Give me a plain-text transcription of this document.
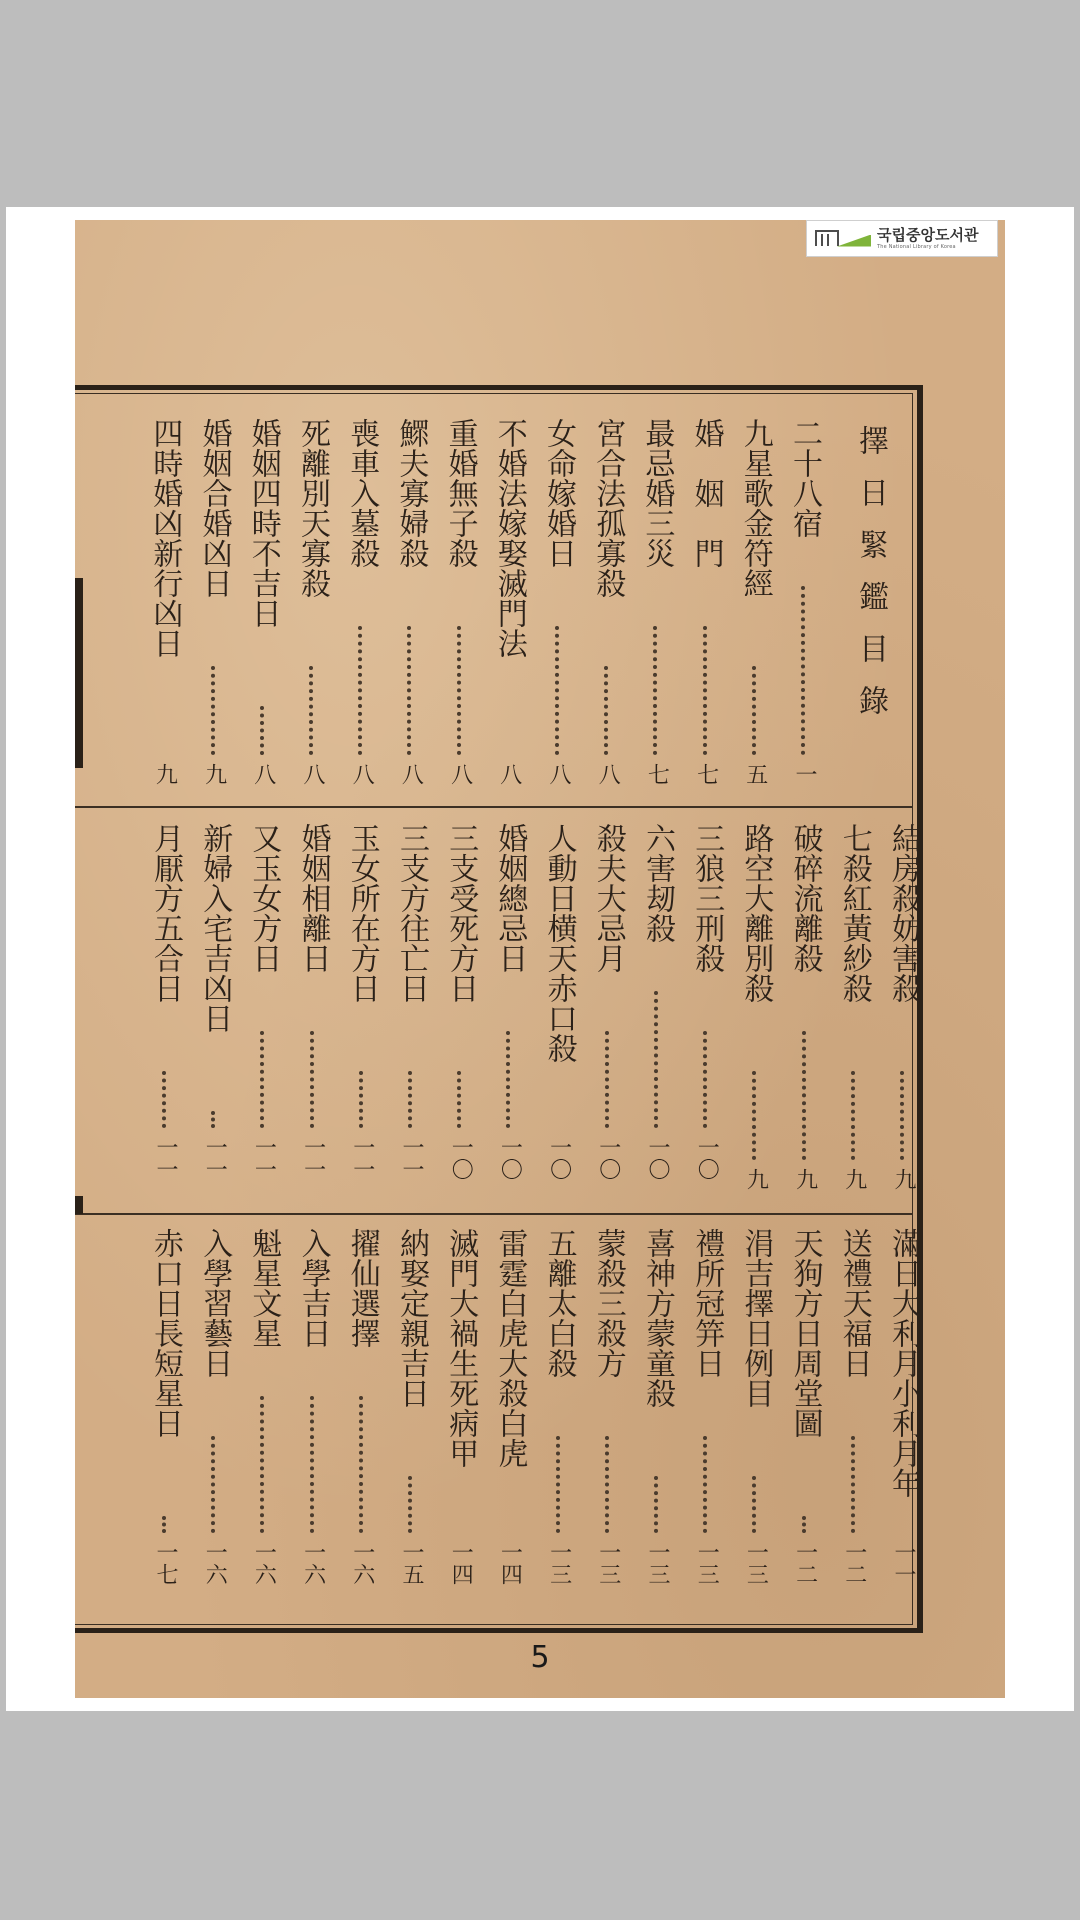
국립중앙도서관
The National Library of Korea
擇日緊鑑目錄
二十八宿
一
九星歌金符經
五
婚　姻　門
七
最忌婚三災
七
宮合法孤寡殺
八
女命嫁婚日
八
不婚法嫁娶滅門法
八
重婚無子殺
八
鰥夫寡婦殺
八
喪車入墓殺
八
死離別天寡殺
八
婚姻四時不吉日
八
婚姻合婚凶日
九
四時婚凶新行凶日
九
結房殺妨害殺
九
七殺紅黃紗殺
九
破碎流離殺
九
路空大離別殺
九
三狼三刑殺
一〇
六害刼殺
一〇
殺夫大忌月
一〇
人動日横天赤口殺
一〇
婚姻總忌日
一〇
三支受死方日
一〇
三支方往亡日
一一
玉女所在方日
一一
婚姻相離日
一一
又玉女方日
一一
新婦入宅吉凶日
一一
月厭方五合日
一一
滿日大利月小利月年
一一
送禮天福日
一二
天狗方日周堂圖
一二
涓吉擇日例目
一三
禮所冠笄日
一三
喜神方蒙童殺
一三
蒙殺三殺方
一三
五離太白殺
一三
雷霆白虎大殺白虎
一四
滅門大禍生死病甲
一四
納娶定親吉日
一五
擢仙選擇
一六
入學吉日
一六
魁星文星
一六
入學習藝日
一六
赤口日長短星日
一七
5
